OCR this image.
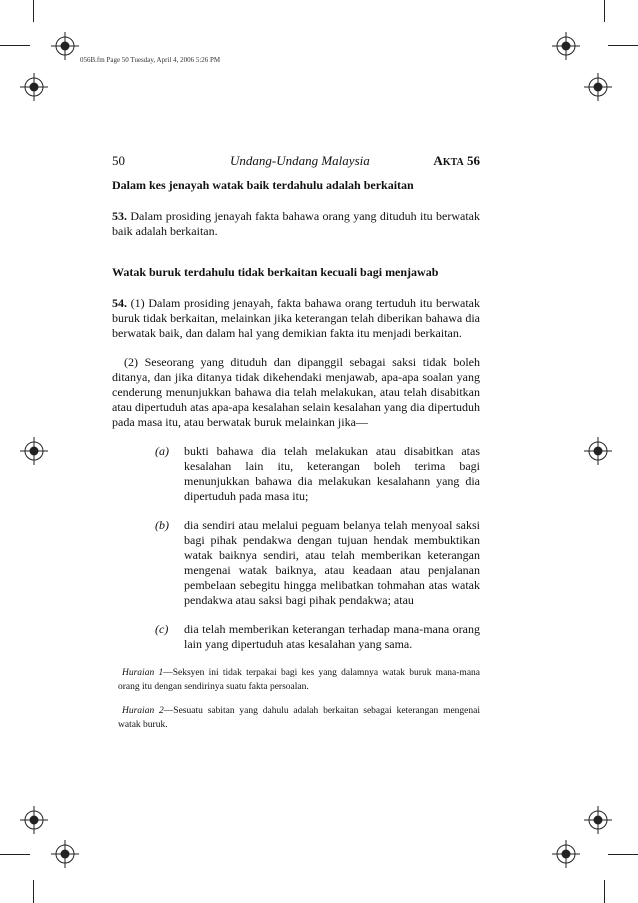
056B.fm Page 50 Tuesday, April 4, 2006 5:26 PM
50	Undang-Undang Malaysia	AKTA 56
Dalam kes jenayah watak baik terdahulu adalah berkaitan

53. Dalam prosiding jenayah fakta bahawa orang yang dituduh itu berwatak baik adalah berkaitan.

Watak buruk terdahulu tidak berkaitan kecuali bagi menjawab

54. (1) Dalam prosiding jenayah, fakta bahawa orang tertuduh itu berwatak buruk tidak berkaitan, melainkan jika keterangan telah diberikan bahawa dia berwatak baik, dan dalam hal yang demikian fakta itu menjadi berkaitan.

(2) Seseorang yang dituduh dan dipanggil sebagai saksi tidak boleh ditanya, dan jika ditanya tidak dikehendaki menjawab, apa-apa soalan yang cenderung menunjukkan bahawa dia telah melakukan, atau telah disabitkan atau dipertuduh atas apa-apa kesalahan selain kesalahan yang dia dipertuduh pada masa itu, atau berwatak buruk melainkan jika—

(a) bukti bahawa dia telah melakukan atau disabitkan atas kesalahan lain itu, keterangan boleh terima bagi menunjukkan bahawa dia melakukan kesalahann yang dia dipertuduh pada masa itu;
(b) dia sendiri atau melalui peguam belanya telah menyoal saksi bagi pihak pendakwa dengan tujuan hendak membuktikan watak baiknya sendiri, atau telah memberikan keterangan mengenai watak baiknya, atau keadaan atau penjalanan pembelaan sebegitu hingga melibatkan tohmahan atas watak pendakwa atau saksi bagi pihak pendakwa; atau
(c) dia telah memberikan keterangan terhadap mana-mana orang lain yang dipertuduh atas kesalahan yang sama.

Huraian 1—Seksyen ini tidak terpakai bagi kes yang dalamnya watak buruk mana-mana orang itu dengan sendirinya suatu fakta persoalan.

Huraian 2—Sesuatu sabitan yang dahulu adalah berkaitan sebagai keterangan mengenai watak buruk.
